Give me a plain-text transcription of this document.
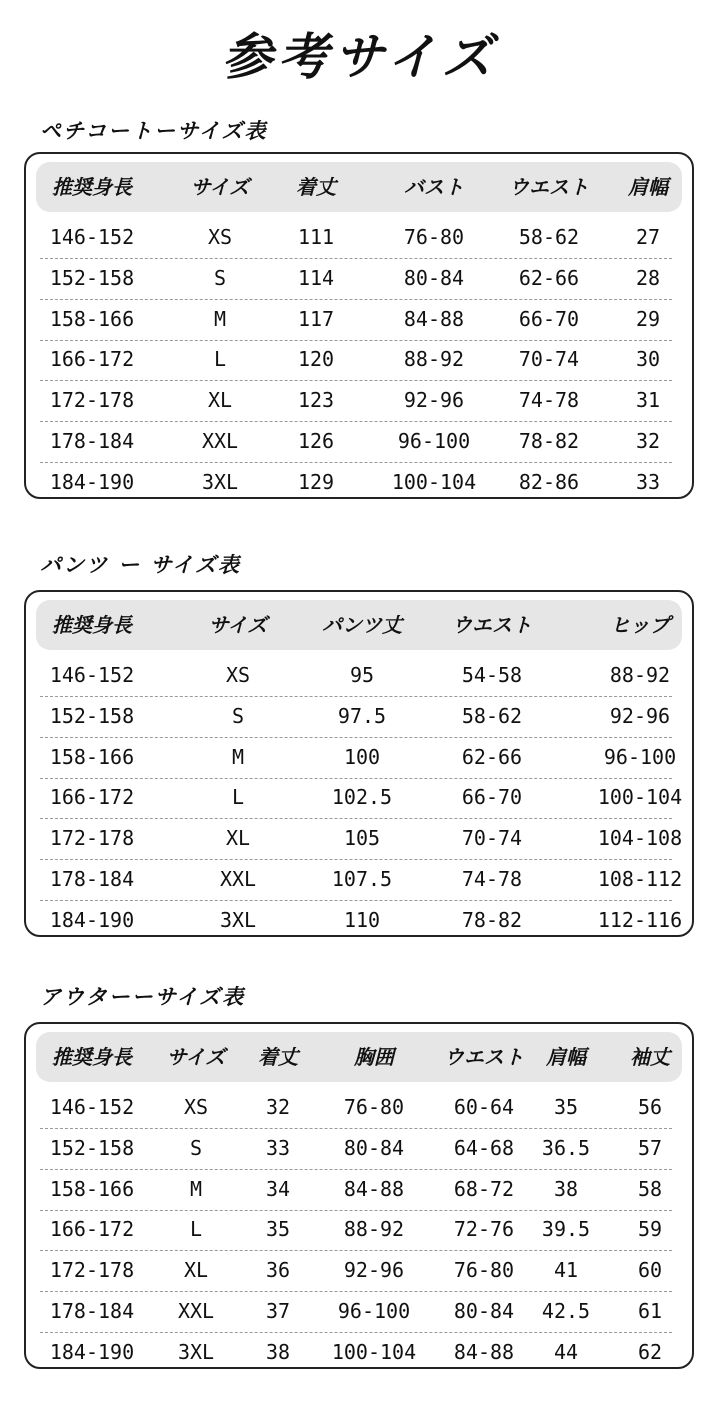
参考サイズ
ペチコートーサイズ表
推奨身長	サイズ 着丈	バスト ウエスト 肩幅
146-152	XS	111	76-80	58-62	27
152-158	S	114	80-84	62-66	28
158-166	M	117	84-88	66-70	29
166-172	L	120	88-92	70-74	30
172-178	XL	123	92-96	74-78	31
178-184	XXL	126	96-100 78-82	32
184-190	3XL	129	100-104 82-86	33
パンツ ー サイズ表
推奨身長	サイズ	パンツ丈	ウエスト	ヒップ
146-152	XS	95	54-58	88-92
152-158	S	97.5	58-62	92-96
158-166	M	100	62-66	96-100
166-172	L	102.5	66-70	100-104
172-178	XL	105	70-74	104-108
178-184	XXL	107.5	74-78	108-112
184-190	3XL	110	78-82	112-116
アウターーサイズ表
推奨身長 サイズ 着丈	胸囲	ウエスト 肩幅 袖丈
146-152 XS	32	76-80 60-64 35	56
152-158	S	33	80-84 64-68 36.5 57
158-166	M	34	84-88 68-72 38	58
166-172	L	35	88-92 72-76 39.5 59
172-178 XL	36	92-96 76-80 41	60
178-184 XXL	37 96-100 80-84 42.5 61
184-190 3XL	38 100-104 84-88 44	62
